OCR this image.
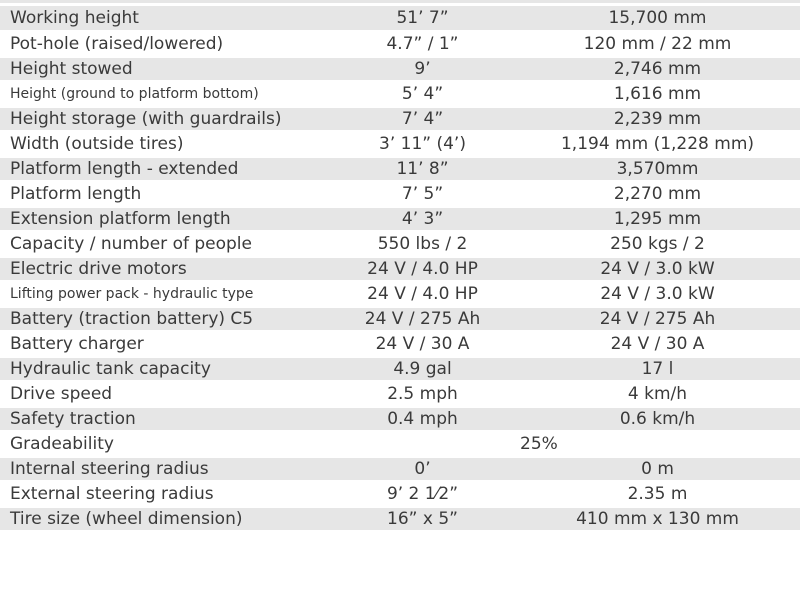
Working height	51’ 7”	15,700 mm
Pot-hole (raised/lowered)	4.7” / 1”	120 mm / 22 mm
Height stowed	9’	2,746 mm
Height (ground to platform bottom)	5’ 4”	1,616 mm
Height storage (with guardrails)	7’ 4”	2,239 mm
Width (outside tires)	3’ 11” (4’)	1,194 mm (1,228 mm)
Platform length - extended	11’ 8”	3,570mm
Platform length	7’ 5”	2,270 mm
Extension platform length	4’ 3”	1,295 mm
Capacity / number of people	550 lbs / 2	250 kgs / 2
Electric drive motors	24 V / 4.0 HP	24 V / 3.0 kW
Lifting power pack - hydraulic type	24 V / 4.0 HP	24 V / 3.0 kW
Battery (traction battery) C5	24 V / 275 Ah	24 V / 275 Ah
Battery charger	24 V / 30 A	24 V / 30 A
Hydraulic tank capacity	4.9 gal	17 l
Drive speed	2.5 mph	4 km/h
Safety traction	0.4 mph	0.6 km/h
Gradeability	25%	
Internal steering radius	0’	0 m
External steering radius	9’ 2 1⁄2”	2.35 m
Tire size (wheel dimension)	16” x 5”	410 mm x 130 mm
